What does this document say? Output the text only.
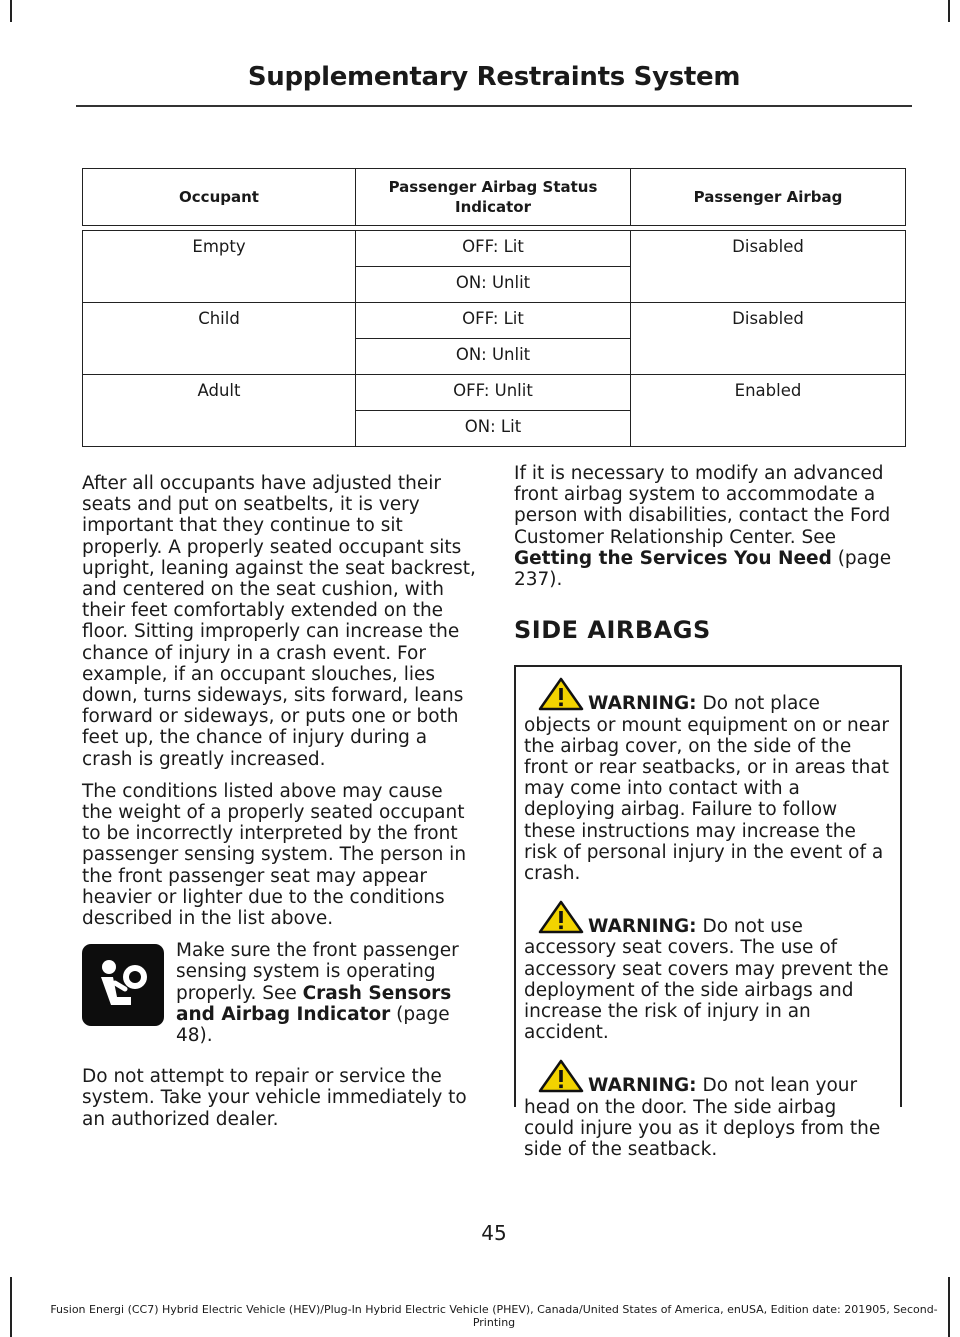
Supplementary Restraints System
Occupant	Passenger Airbag Status Indicator	Passenger Airbag

Empty	OFF: Lit	Disabled
	ON: Unlit	
Child	OFF: Lit	Disabled
	ON: Unlit	
Adult	OFF: Unlit	Enabled
	ON: Lit	

After all occupants have adjusted their seats and put on seatbelts, it is very important that they continue to sit properly. A properly seated occupant sits upright, leaning against the seat backrest, and centered on the seat cushion, with their feet comfortably extended on the floor. Sitting improperly can increase the chance of injury in a crash event. For example, if an occupant slouches, lies down, turns sideways, sits forward, leans forward or sideways, or puts one or both feet up, the chance of injury during a crash is greatly increased.

The conditions listed above may cause the weight of a properly seated occupant to be incorrectly interpreted by the front passenger sensing system. The person in the front passenger seat may appear heavier or lighter due to the conditions described in the list above.

Make sure the front passenger sensing system is operating properly. See Crash Sensors and Airbag Indicator (page 48).

Do not attempt to repair or service the system. Take your vehicle immediately to an authorized dealer.

If it is necessary to modify an advanced front airbag system to accommodate a person with disabilities, contact the Ford Customer Relationship Center. See Getting the Services You Need (page 237).

SIDE AIRBAGS
WARNING: Do not place objects or mount equipment on or near the airbag cover, on the side of the front or rear seatbacks, or in areas that may come into contact with a deploying airbag. Failure to follow these instructions may increase the risk of personal injury in the event of a crash.
WARNING: Do not use accessory seat covers. The use of accessory seat covers may prevent the deployment of the side airbags and increase the risk of injury in an accident.
WARNING: Do not lean your head on the door. The side airbag could injure you as it deploys from the side of the seatback.
45
Fusion Energi (CC7) Hybrid Electric Vehicle (HEV)/Plug-In Hybrid Electric Vehicle (PHEV), Canada/United States of America, enUSA, Edition date: 201905, Second-Printing
